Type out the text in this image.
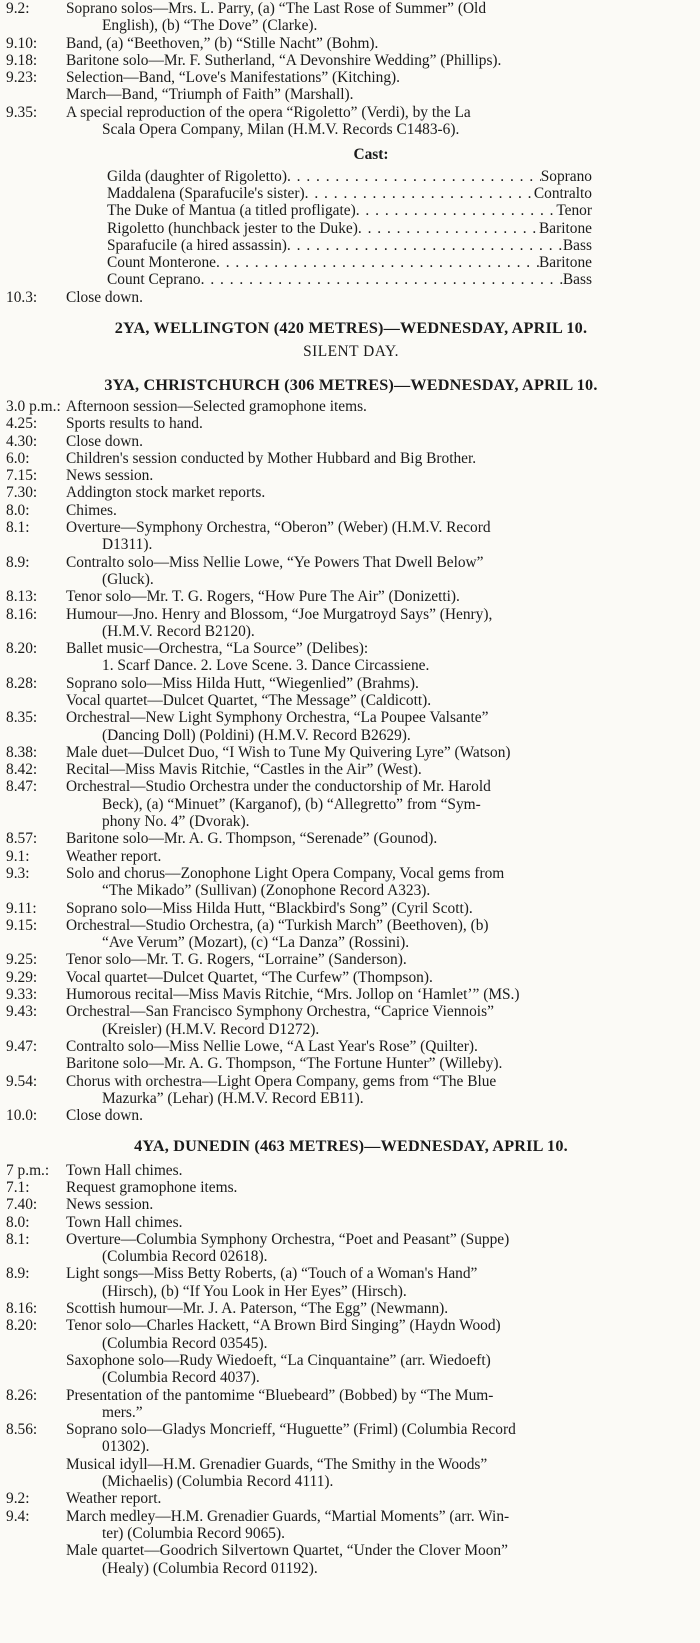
9.2:	Soprano solos—Mrs. L. Parry, (a) “The Last Rose of Summer” (Old
English), (b) “The Dove” (Clarke).
9.10:	Band, (a) “Beethoven,” (b) “Stille Nacht” (Bohm).
9.18:	Baritone solo—Mr. F. Sutherland, “A Devonshire Wedding” (Phillips).
9.23:	Selection—Band, “Love's Manifestations” (Kitching).
March—Band, “Triumph of Faith” (Marshall).
9.35:	A special reproduction of the opera “Rigoletto” (Verdi), by the La
Scala Opera Company, Milan (H.M.V. Records C1483-6).
Cast:
Gilda (daughter of Rigoletto) . . .	Soprano
Maddalena (Sparafucile's sister) . . .	Contralto
The Duke of Mantua (a titled profligate) . . .	Tenor
Rigoletto (hunchback jester to the Duke) . . .	Baritone
Sparafucile (a hired assassin) . . .	Bass
Count Monterone . . .	Baritone
Count Ceprano . . .	Bass
10.3:	Close down.
2YA, WELLINGTON (420 METRES)—WEDNESDAY, APRIL 10.
SILENT DAY.
3YA, CHRISTCHURCH (306 METRES)—WEDNESDAY, APRIL 10.
3.0 p.m.: Afternoon session—Selected gramophone items.
4.25:	Sports results to hand.
4.30:	Close down.
6.0:	Children's session conducted by Mother Hubbard and Big Brother.
7.15:	News session.
7.30:	Addington stock market reports.
8.0:	Chimes.
8.1:	Overture—Symphony Orchestra, “Oberon” (Weber) (H.M.V. Record
D1311).
8.9:	Contralto solo—Miss Nellie Lowe, “Ye Powers That Dwell Below”
(Gluck).
8.13:	Tenor solo—Mr. T. G. Rogers, “How Pure The Air” (Donizetti).
8.16:	Humour—Jno. Henry and Blossom, “Joe Murgatroyd Says” (Henry),
(H.M.V. Record B2120).
8.20:	Ballet music—Orchestra, “La Source” (Delibes):
1. Scarf Dance. 2. Love Scene. 3. Dance Circassiene.
8.28:	Soprano solo—Miss Hilda Hutt, “Wiegenlied” (Brahms).
Vocal quartet—Dulcet Quartet, “The Message” (Caldicott).
8.35:	Orchestral—New Light Symphony Orchestra, “La Poupee Valsante”
(Dancing Doll) (Poldini) (H.M.V. Record B2629).
8.38:	Male duet—Dulcet Duo, “I Wish to Tune My Quivering Lyre” (Watson)
8.42:	Recital—Miss Mavis Ritchie, “Castles in the Air” (West).
8.47:	Orchestral—Studio Orchestra under the conductorship of Mr. Harold
Beck), (a) “Minuet” (Karganof), (b) “Allegretto” from “Sym-
phony No. 4” (Dvorak).
8.57:	Baritone solo—Mr. A. G. Thompson, “Serenade” (Gounod).
9.1:	Weather report.
9.3:	Solo and chorus—Zonophone Light Opera Company, Vocal gems from
“The Mikado” (Sullivan) (Zonophone Record A323).
9.11:	Soprano solo—Miss Hilda Hutt, “Blackbird's Song” (Cyril Scott).
9.15:	Orchestral—Studio Orchestra, (a) “Turkish March” (Beethoven), (b)
“Ave Verum” (Mozart), (c) “La Danza” (Rossini).
9.25:	Tenor solo—Mr. T. G. Rogers, “Lorraine” (Sanderson).
9.29:	Vocal quartet—Dulcet Quartet, “The Curfew” (Thompson).
9.33:	Humorous recital—Miss Mavis Ritchie, “Mrs. Jollop on ‘Hamlet’” (MS.)
9.43:	Orchestral—San Francisco Symphony Orchestra, “Caprice Viennois”
(Kreisler) (H.M.V. Record D1272).
9.47:	Contralto solo—Miss Nellie Lowe, “A Last Year's Rose” (Quilter).
Baritone solo—Mr. A. G. Thompson, “The Fortune Hunter” (Willeby).
9.54:	Chorus with orchestra—Light Opera Company, gems from “The Blue
Mazurka” (Lehar) (H.M.V. Record EB11).
10.0:	Close down.
4YA, DUNEDIN (463 METRES)—WEDNESDAY, APRIL 10.
7 p.m.:	Town Hall chimes.
7.1:	Request gramophone items.
7.40:	News session.
8.0:	Town Hall chimes.
8.1:	Overture—Columbia Symphony Orchestra, “Poet and Peasant” (Suppe)
(Columbia Record 02618).
8.9:	Light songs—Miss Betty Roberts, (a) “Touch of a Woman's Hand”
(Hirsch), (b) “If You Look in Her Eyes” (Hirsch).
8.16:	Scottish humour—Mr. J. A. Paterson, “The Egg” (Newmann).
8.20:	Tenor solo—Charles Hackett, “A Brown Bird Singing” (Haydn Wood)
(Columbia Record 03545).
Saxophone solo—Rudy Wiedoeft, “La Cinquantaine” (arr. Wiedoeft)
(Columbia Record 4037).
8.26:	Presentation of the pantomime “Bluebeard” (Bobbed) by “The Mum-
mers.”
8.56:	Soprano solo—Gladys Moncrieff, “Huguette” (Friml) (Columbia Record
01302).
Musical idyll—H.M. Grenadier Guards, “The Smithy in the Woods”
(Michaelis) (Columbia Record 4111).
9.2:	Weather report.
9.4:	March medley—H.M. Grenadier Guards, “Martial Moments” (arr. Win-
ter) (Columbia Record 9065).
Male quartet—Goodrich Silvertown Quartet, “Under the Clover Moon”
(Healy) (Columbia Record 01192).
